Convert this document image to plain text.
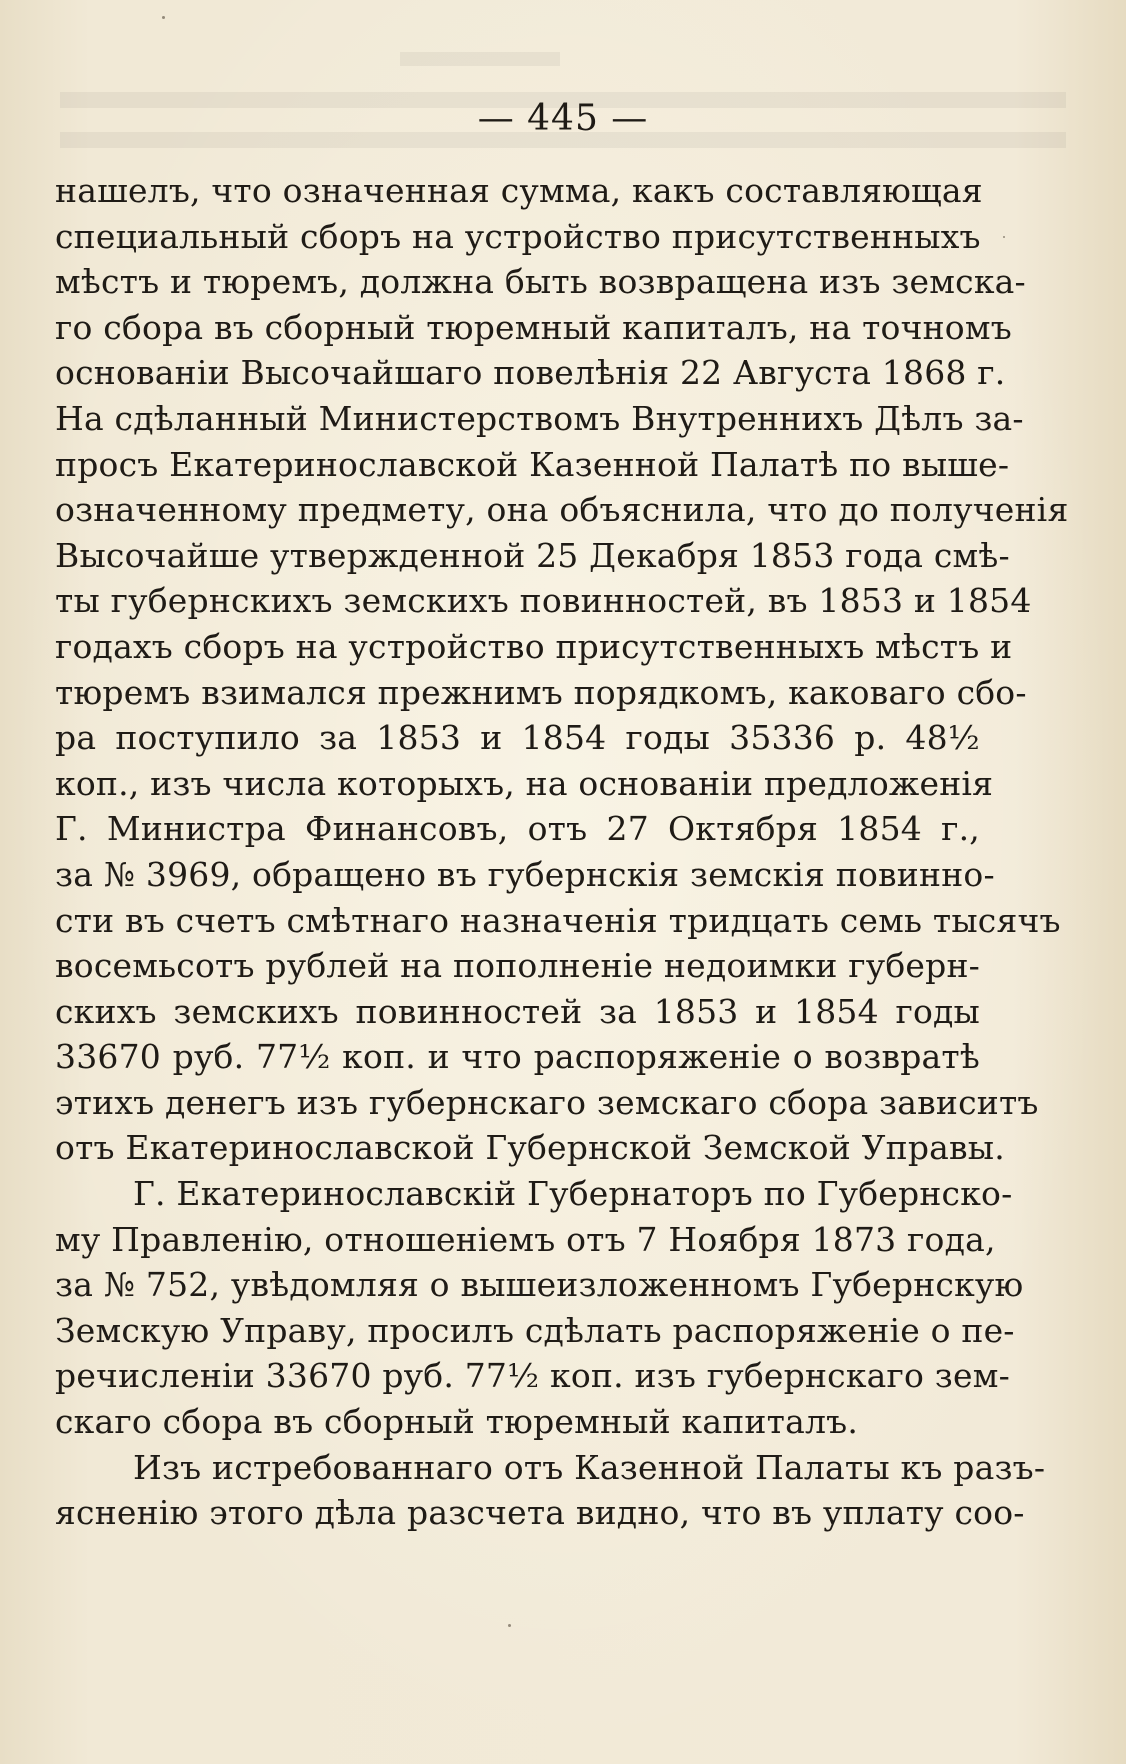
— 445 —
нашелъ, что означенная сумма, какъ составляющая
специальный сборъ на устройство присутственныхъ
мѣстъ и тюремъ, должна быть возвращена изъ земска-
го сбора въ сборный тюремный капиталъ, на точномъ
основаніи Высочайшаго повелѣнія 22 Августа 1868 г.
На сдѣланный Министерствомъ Внутреннихъ Дѣлъ за-
просъ Екатеринославской Казенной Палатѣ по выше-
означенному предмету, она объяснила, что до полученія
Высочайше утвержденной 25 Декабря 1853 года смѣ-
ты губернскихъ земскихъ повинностей, въ 1853 и 1854
годахъ сборъ на устройство присутственныхъ мѣстъ и
тюремъ взимался прежнимъ порядкомъ, каковаго сбо-
ра поступило за 1853 и 1854 годы 35336 р. 48½
коп., изъ числа которыхъ, на основаніи предложенія
Г. Министра Финансовъ, отъ 27 Октября 1854 г.,
за № 3969, обращено въ губернскія земскія повинно-
сти въ счетъ смѣтнаго назначенія тридцать семь тысячъ
восемьсотъ рублей на пополненіе недоимки губерн-
скихъ земскихъ повинностей за 1853 и 1854 годы
33670 руб. 77½ коп. и что распоряженіе о возвратѣ
этихъ денегъ изъ губернскаго земскаго сбора зависитъ
отъ Екатеринославской Губернской Земской Управы.
Г. Екатеринославскій Губернаторъ по Губернско-
му Правленію, отношеніемъ отъ 7 Ноября 1873 года,
за № 752, увѣдомляя о вышеизложенномъ Губернскую
Земскую Управу, просилъ сдѣлать распоряженіе о пе-
речисленіи 33670 руб. 77½ коп. изъ губернскаго зем-
скаго сбора въ сборный тюремный капиталъ.
Изъ истребованнаго отъ Казенной Палаты къ разъ-
ясненію этого дѣла разсчета видно, что въ уплату соо-
